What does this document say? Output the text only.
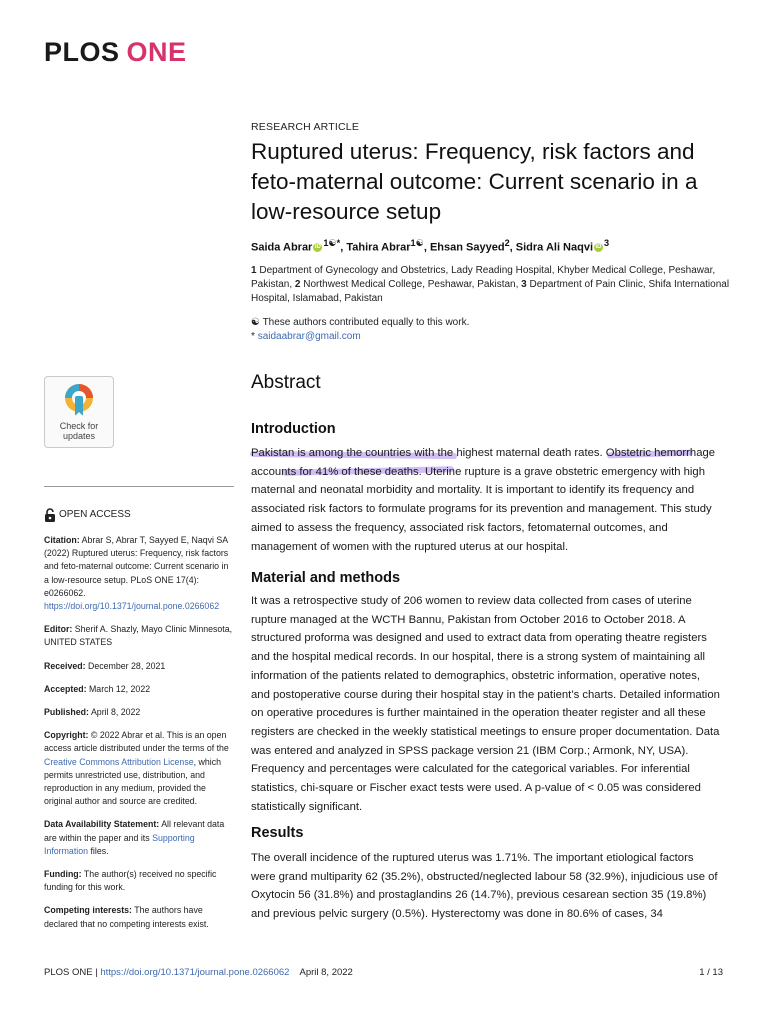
PLOS ONE
RESEARCH ARTICLE
Ruptured uterus: Frequency, risk factors and feto-maternal outcome: Current scenario in a low-resource setup
Saida Abrar iD $^{1☯*}$, Tahira Abrar$^{1☯}$, Ehsan Sayyed$^2$, Sidra Ali Naqvi iD $^3$
1 Department of Gynecology and Obstetrics, Lady Reading Hospital, Khyber Medical College, Peshawar, Pakistan, 2 Northwest Medical College, Peshawar, Pakistan, 3 Department of Pain Clinic, Shifa International Hospital, Islamabad, Pakistan
☯ These authors contributed equally to this work.
* saidaabrar@gmail.com
Abstract
Introduction
Pakistan is among the countries with the highest maternal death rates. Obstetric hemorrhage accounts for 41% of these deaths. Uterine rupture is a grave obstetric emergency with high maternal and neonatal morbidity and mortality. It is important to identify its frequency and associated risk factors to formulate programs for its prevention and management. This study aimed to assess the frequency, associated risk factors, fetomaternal outcomes, and management of women with the ruptured uterus at our hospital.
Material and methods
It was a retrospective study of 206 women to review data collected from cases of uterine rupture managed at the WCTH Bannu, Pakistan from October 2016 to October 2018. A structured proforma was designed and used to extract data from operating theatre registers and the hospital medical records. In our hospital, there is a strong system of maintaining all information of the patients related to demographics, obstetric information, operative notes, and postoperative course during their hospital stay in the patient’s charts. Detailed information on operative procedures is further maintained in the operation theater register and all these registers are checked in the weekly statistical meetings to ensure proper documentation. Data was entered and analyzed in SPSS package version 21 (IBM Corp.; Armonk, NY, USA). Frequency and percentages were calculated for the categorical variables. For inferential statistics, chi-square or Fischer exact tests were used. A p-value of < 0.05 was considered statistically significant.
Results
The overall incidence of the ruptured uterus was 1.71%. The important etiological factors were grand multiparity 62 (35.2%), obstructed/neglected labour 58 (32.9%), injudicious use of Oxytocin 56 (31.8%) and prostaglandins 26 (14.7%), previous cesarean section 35 (19.8%) and previous pelvic surgery (0.5%). Hysterectomy was done in 80.6% of cases, 34
Check for
updates
OPEN ACCESS
Citation: Abrar S, Abrar T, Sayyed E, Naqvi SA (2022) Ruptured uterus: Frequency, risk factors and feto-maternal outcome: Current scenario in a low-resource setup. PLoS ONE 17(4): e0266062. https://doi.org/10.1371/journal.pone.0266062
Editor: Sherif A. Shazly, Mayo Clinic Minnesota, UNITED STATES
Received: December 28, 2021
Accepted: March 12, 2022
Published: April 8, 2022
Copyright: © 2022 Abrar et al. This is an open access article distributed under the terms of the Creative Commons Attribution License, which permits unrestricted use, distribution, and reproduction in any medium, provided the original author and source are credited.
Data Availability Statement: All relevant data are within the paper and its Supporting Information files.
Funding: The author(s) received no specific funding for this work.
Competing interests: The authors have declared that no competing interests exist.
PLOS ONE | https://doi.org/10.1371/journal.pone.0266062 April 8, 2022	1 / 13
